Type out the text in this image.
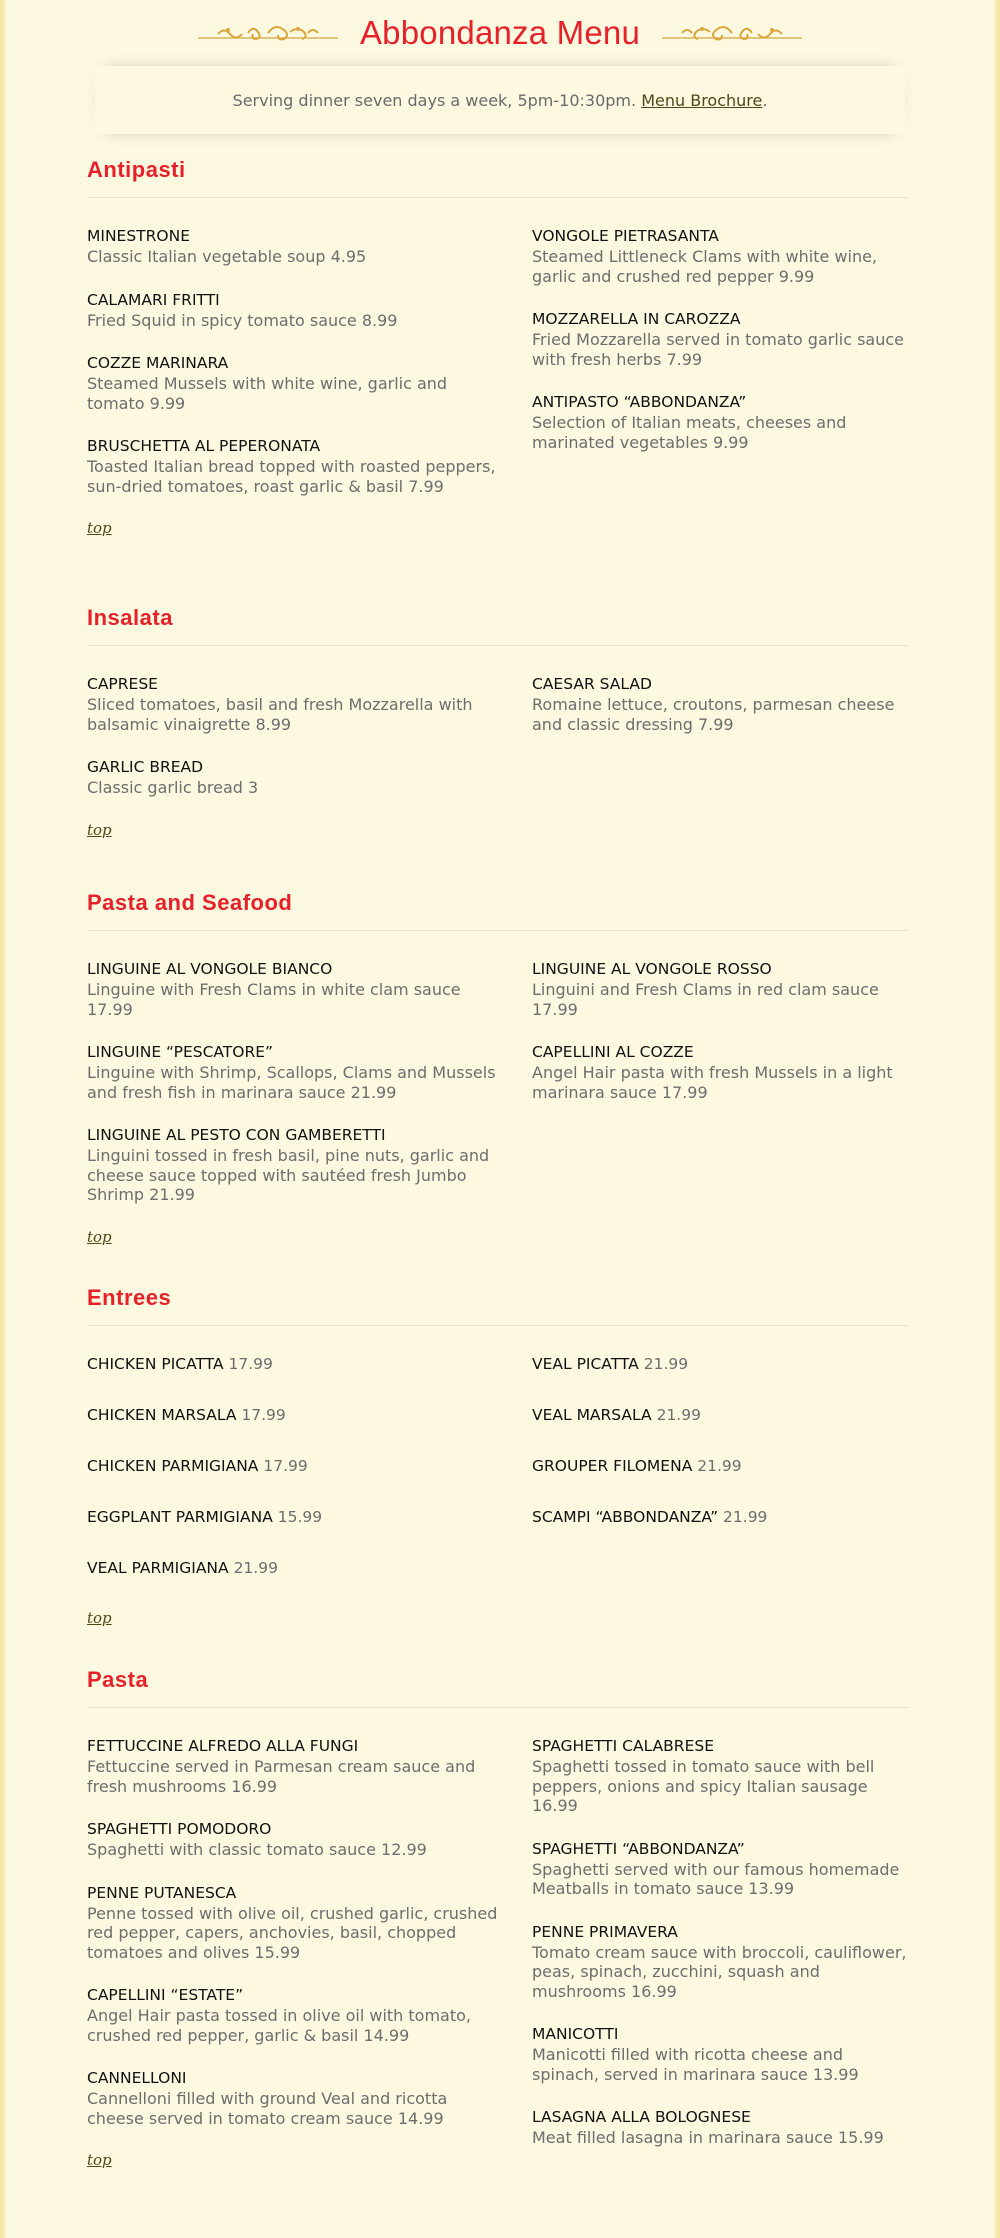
Abbondanza Menu
Serving dinner seven days a week, 5pm-10:30pm.
Menu Brochure .
Antipasti
MINESTRONE
Classic Italian vegetable soup 4.95
CALAMARI FRITTI
Fried Squid in spicy tomato sauce 8.99
COZZE MARINARA
Steamed Mussels with white wine, garlic and tomato 9.99
BRUSCHETTA AL PEPERONATA
Toasted Italian bread topped with roasted peppers, sun-dried tomatoes, roast garlic & basil 7.99
top
VONGOLE PIETRASANTA
Steamed Littleneck Clams with white wine, garlic and crushed red pepper 9.99
MOZZARELLA IN CAROZZA
Fried Mozzarella served in tomato garlic sauce with fresh herbs 7.99
ANTIPASTO “ABBONDANZA”
Selection of Italian meats, cheeses and marinated vegetables 9.99
Insalata
CAPRESE
Sliced tomatoes, basil and fresh Mozzarella with balsamic vinaigrette 8.99
GARLIC BREAD
Classic garlic bread 3
top
CAESAR SALAD
Romaine lettuce, croutons, parmesan cheese and classic dressing 7.99
Pasta and Seafood
LINGUINE AL VONGOLE BIANCO
Linguine with Fresh Clams in white clam sauce 17.99
LINGUINE “PESCATORE”
Linguine with Shrimp, Scallops, Clams and Mussels and fresh fish in marinara sauce 21.99
LINGUINE AL PESTO CON GAMBERETTI
Linguini tossed in fresh basil, pine nuts, garlic and cheese sauce topped with sautéed fresh Jumbo Shrimp 21.99
top
LINGUINE AL VONGOLE ROSSO
Linguini and Fresh Clams in red clam sauce 17.99
CAPELLINI AL COZZE
Angel Hair pasta with fresh Mussels in a light marinara sauce 17.99
Entrees
CHICKEN PICATTA 17.99
CHICKEN MARSALA 17.99
CHICKEN PARMIGIANA 17.99
EGGPLANT PARMIGIANA 15.99
VEAL PARMIGIANA 21.99
top
VEAL PICATTA 21.99
VEAL MARSALA 21.99
GROUPER FILOMENA 21.99
SCAMPI “ABBONDANZA” 21.99
Pasta
FETTUCCINE ALFREDO ALLA FUNGI
Fettuccine served in Parmesan cream sauce and fresh mushrooms 16.99
SPAGHETTI POMODORO
Spaghetti with classic tomato sauce 12.99
PENNE PUTANESCA
Penne tossed with olive oil, crushed garlic, crushed red pepper, capers, anchovies, basil, chopped tomatoes and olives 15.99
CAPELLINI “ESTATE”
Angel Hair pasta tossed in olive oil with tomato, crushed red pepper, garlic & basil 14.99
CANNELLONI
Cannelloni filled with ground Veal and ricotta cheese served in tomato cream sauce 14.99
top
SPAGHETTI CALABRESE
Spaghetti tossed in tomato sauce with bell peppers, onions and spicy Italian sausage 16.99
SPAGHETTI “ABBONDANZA”
Spaghetti served with our famous homemade Meatballs in tomato sauce 13.99
PENNE PRIMAVERA
Tomato cream sauce with broccoli, cauliflower, peas, spinach, zucchini, squash and mushrooms 16.99
MANICOTTI
Manicotti filled with ricotta cheese and spinach, served in marinara sauce 13.99
LASAGNA ALLA BOLOGNESE
Meat filled lasagna in marinara sauce 15.99
